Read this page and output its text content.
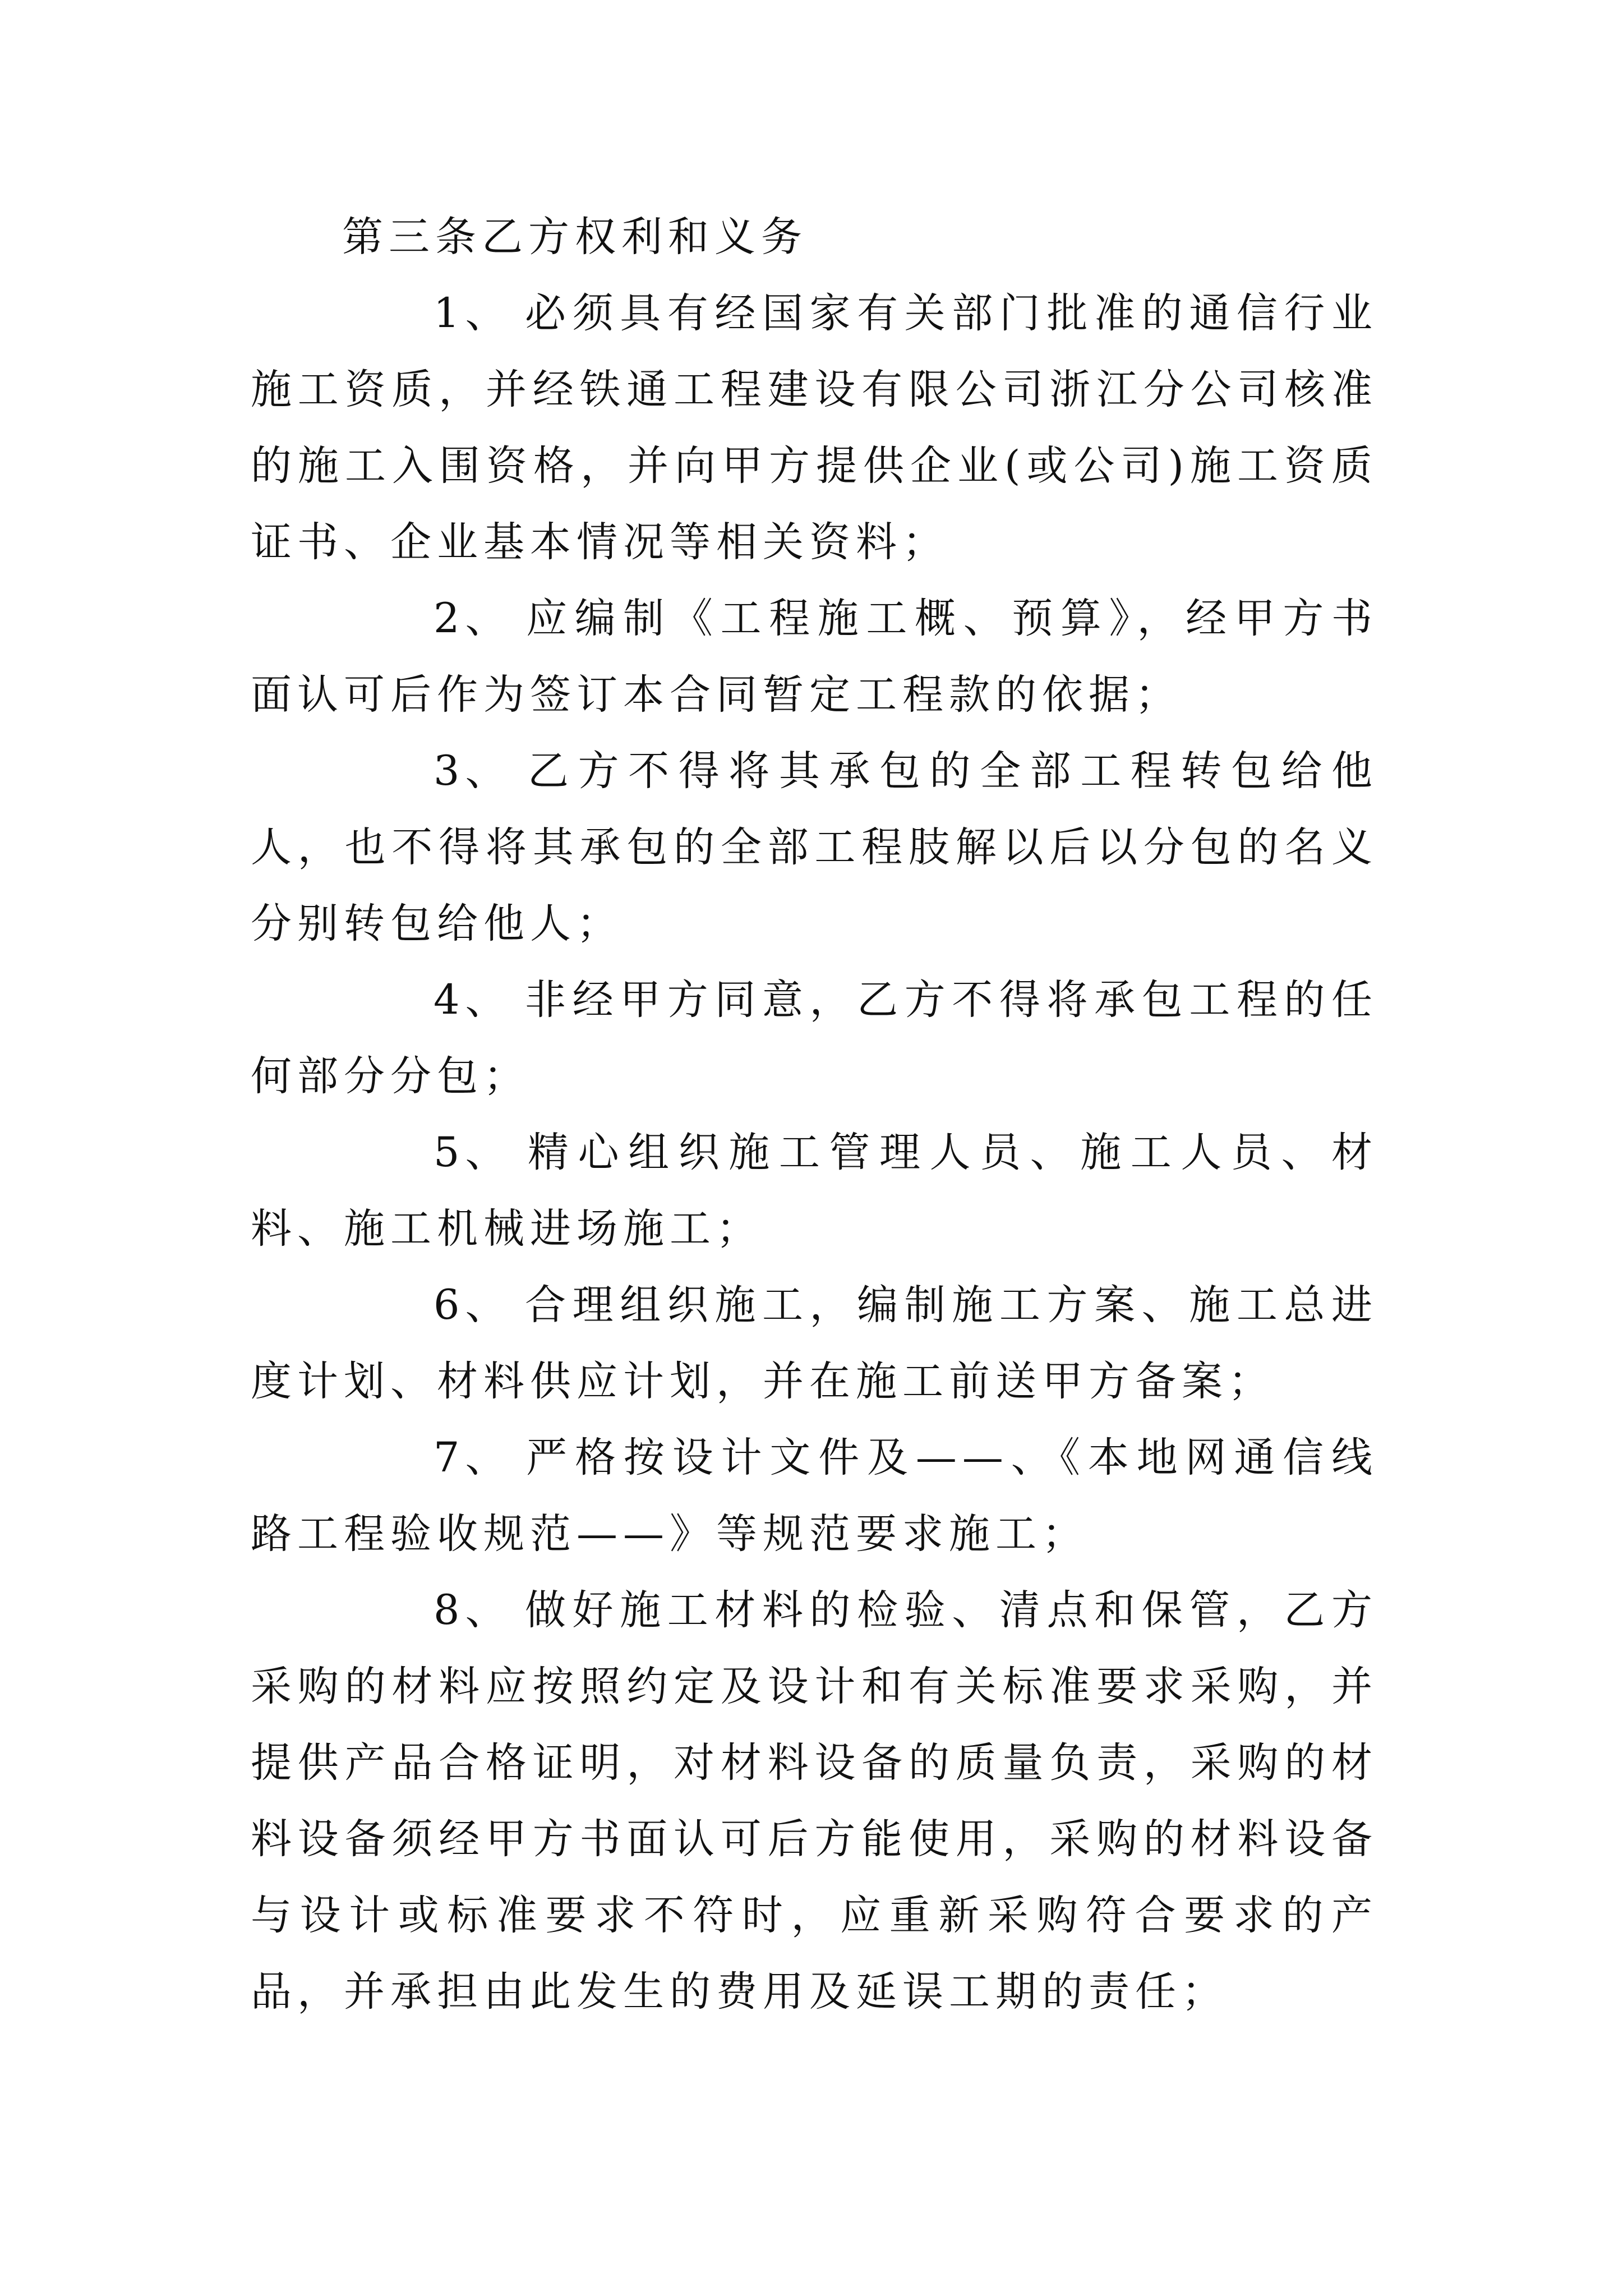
第三条乙方权利和义务

1、 必须具有经国家有关部门批准的通信行业施工资质，并经铁通工程建设有限公司浙江分公司核准的施工入围资格，并向甲方提供企业(或公司)施工资质证书、企业基本情况等相关资料；

2、 应编制《工程施工概、预算》，经甲方书面认可后作为签订本合同暂定工程款的依据；

3、 乙方不得将其承包的全部工程转包给他人，也不得将其承包的全部工程肢解以后以分包的名义分别转包给他人；

4、 非经甲方同意，乙方不得将承包工程的任何部分分包；

5、 精心组织施工管理人员、施工人员、材料、施工机械进场施工；

6、 合理组织施工，编制施工方案、施工总进度计划、材料供应计划，并在施工前送甲方备案；

7、 严格按设计文件及——、《本地网通信线路工程验收规范——》等规范要求施工；

8、 做好施工材料的检验、清点和保管，乙方采购的材料应按照约定及设计和有关标准要求采购，并提供产品合格证明，对材料设备的质量负责，采购的材料设备须经甲方书面认可后方能使用，采购的材料设备与设计或标准要求不符时，应重新采购符合要求的产品，并承担由此发生的费用及延误工期的责任；
